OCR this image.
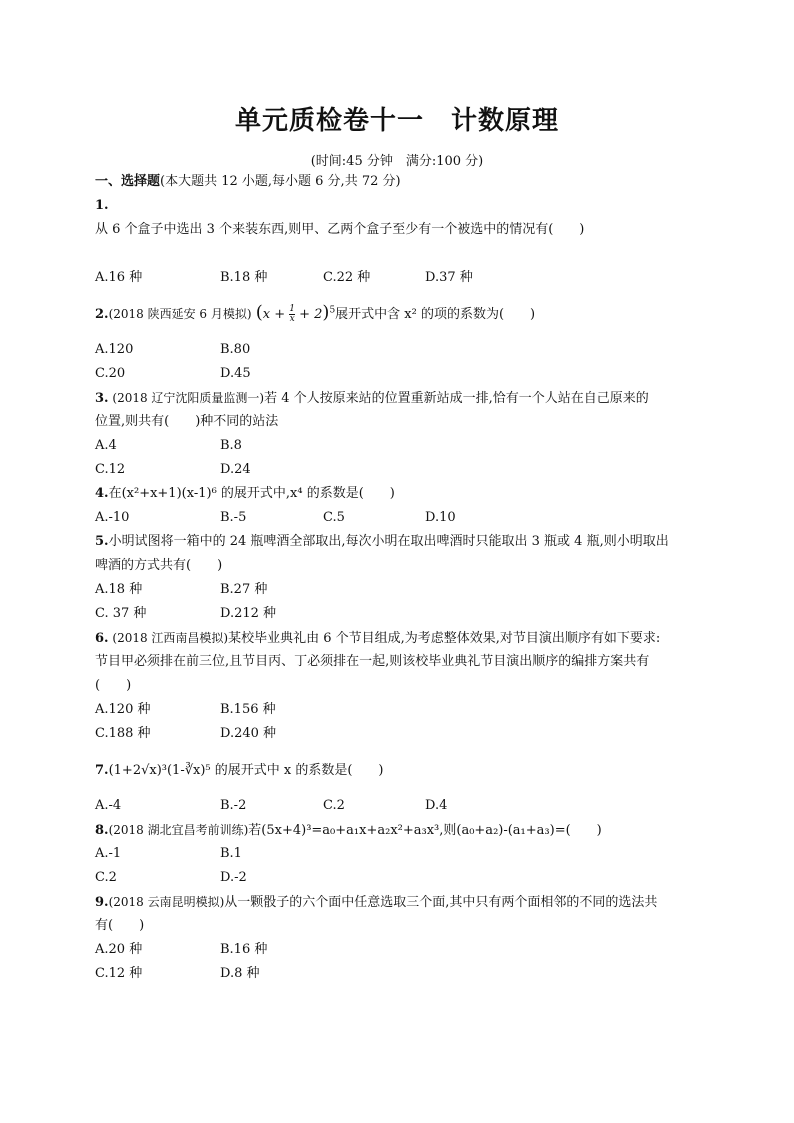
单元质检卷十一　计数原理
(时间:45 分钟　满分:100 分)
一、选择题(本大题共 12 小题,每小题 6 分,共 72 分)
1.
从 6 个盒子中选出 3 个来装东西,则甲、乙两个盒子至少有一个被选中的情况有(　　)
A.16 种	B.18 种	C.22 种	D.37 种
2.(2018 陕西延安 6 月模拟) $(x + \frac{1}{x} + 2)^5$展开式中含 x² 的项的系数为(　　)
A.120	B.80
C.20	D.45
3. (2018 辽宁沈阳质量监测一)若 4 个人按原来站的位置重新站成一排,恰有一个人站在自己原来的
位置,则共有(　　)种不同的站法
A.4	B.8
C.12	D.24
4.在(x²+x+1)(x-1)⁶ 的展开式中,x⁴ 的系数是(　　)
A.-10	B.-5	C.5	D.10
5.小明试图将一箱中的 24 瓶啤酒全部取出,每次小明在取出啤酒时只能取出 3 瓶或 4 瓶,则小明取出
啤酒的方式共有(　　)
A.18 种	B.27 种
C. 37 种	D.212 种
6. (2018 江西南昌模拟)某校毕业典礼由 6 个节目组成,为考虑整体效果,对节目演出顺序有如下要求:
节目甲必须排在前三位,且节目丙、丁必须排在一起,则该校毕业典礼节目演出顺序的编排方案共有
(　　)
A.120 种	B.156 种
C.188 种	D.240 种
7.(1+2√x)³(1-∛x)⁵ 的展开式中 x 的系数是(　　)
A.-4	B.-2	C.2	D.4
8.(2018 湖北宜昌考前训练)若(5x+4)³=a₀+a₁x+a₂x²+a₃x³,则(a₀+a₂)-(a₁+a₃)=(　　)
A.-1	B.1
C.2	D.-2
9.(2018 云南昆明模拟)从一颗骰子的六个面中任意选取三个面,其中只有两个面相邻的不同的选法共
有(　　)
A.20 种	B.16 种
C.12 种	D.8 种
